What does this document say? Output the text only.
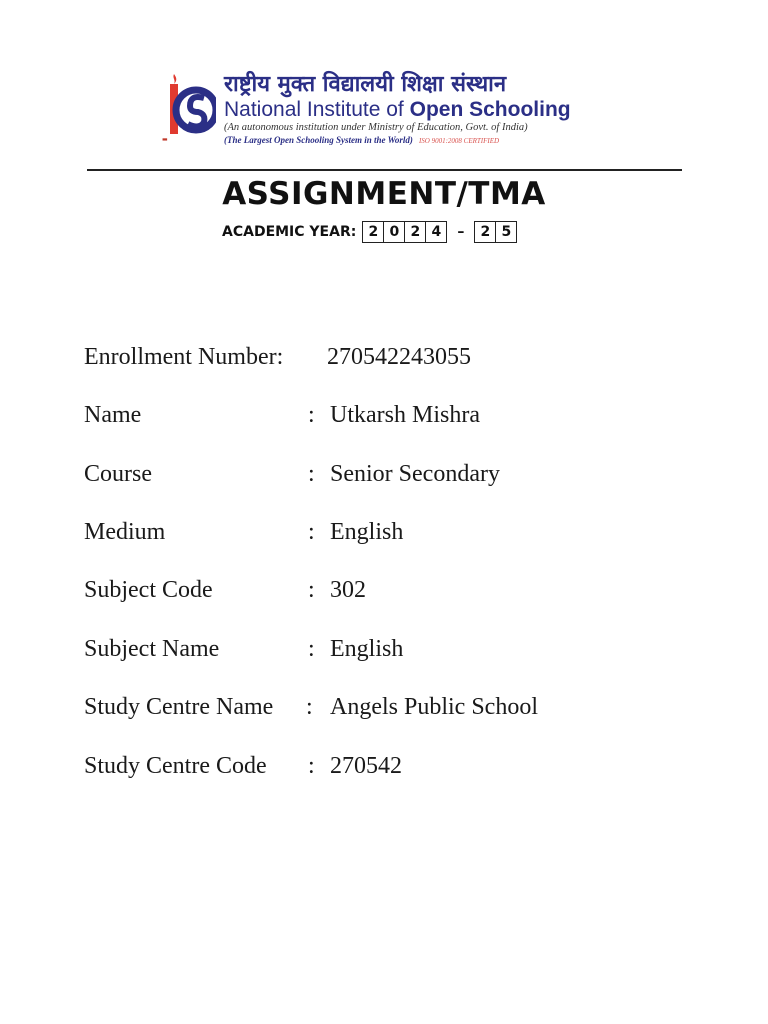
▬
राष्ट्रीय मुक्त विद्यालयी शिक्षा संस्थान
National Institute of Open Schooling
(An autonomous institution under Ministry of Education, Govt. of India)
(The Largest Open Schooling System in the World) ISO 9001:2008 CERTIFIED
ASSIGNMENT/TMA
ACADEMIC YEAR: 2 0 2 4	–	2 5
Enrollment Number: 270542243055
Name	: Utkarsh Mishra
Course	: Senior Secondary
Medium	: English
Subject Code	: 302
Subject Name	: English
Study Centre Name : Angels Public School
Study Centre Code : 270542
